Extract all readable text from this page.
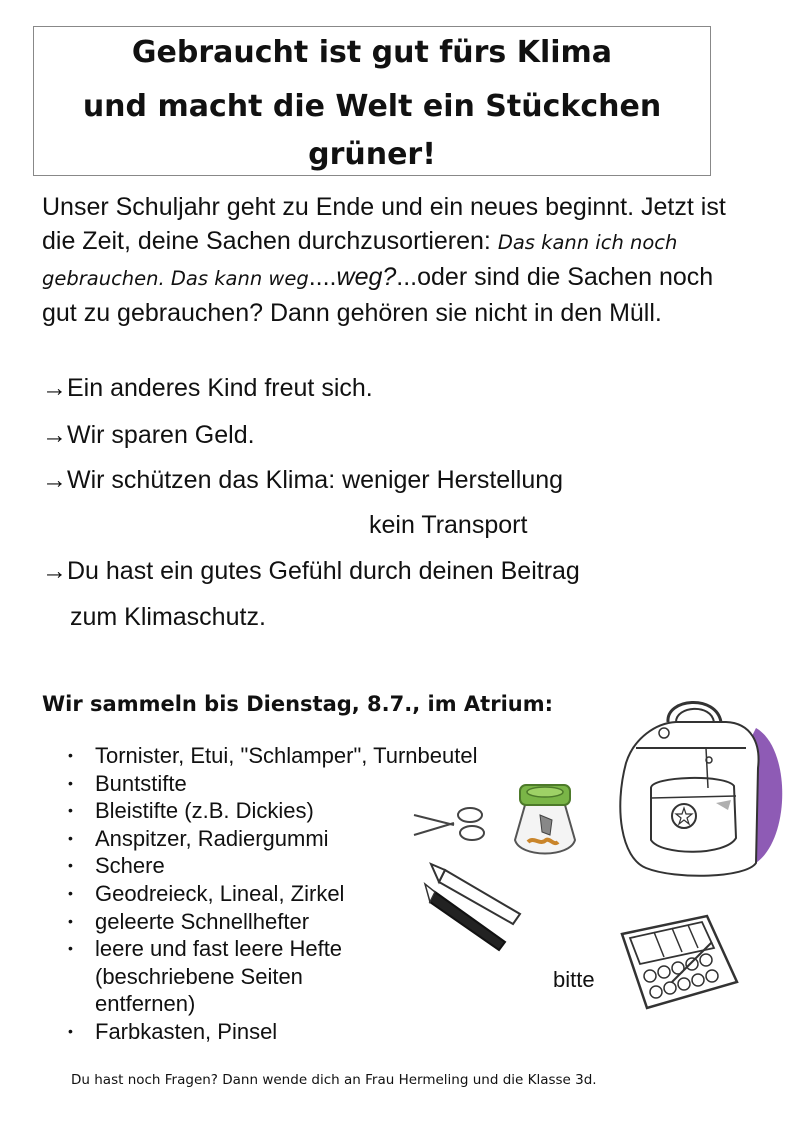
Gebraucht ist gut fürs Klima
und macht die Welt ein Stückchen
grüner!
Unser Schuljahr geht zu Ende und ein neues beginnt. Jetzt ist die Zeit, deine Sachen durchzusortieren: Das kann ich noch gebrauchen. Das kann weg....weg?...oder sind die Sachen noch gut zu gebrauchen? Dann gehören sie nicht in den Müll.
→Ein anderes Kind freut sich.
→Wir sparen Geld.
→Wir schützen das Klima: weniger Herstellung
kein Transport
→Du hast ein gutes Gefühl durch deinen Beitrag
zum Klimaschutz.
Wir sammeln bis Dienstag, 8.7., im Atrium:
• Tornister, Etui, "Schlamper", Turnbeutel
• Buntstifte
• Bleistifte (z.B. Dickies)
• Anspitzer, Radiergummi
• Schere
• Geodreieck, Lineal, Zirkel
• geleerte Schnellhefter
• leere und fast leere Hefte
(beschriebene Seiten
entfernen)
• Farbkasten, Pinsel
bitte
Du hast noch Fragen? Dann wende dich an Frau Hermeling und die Klasse 3d.
